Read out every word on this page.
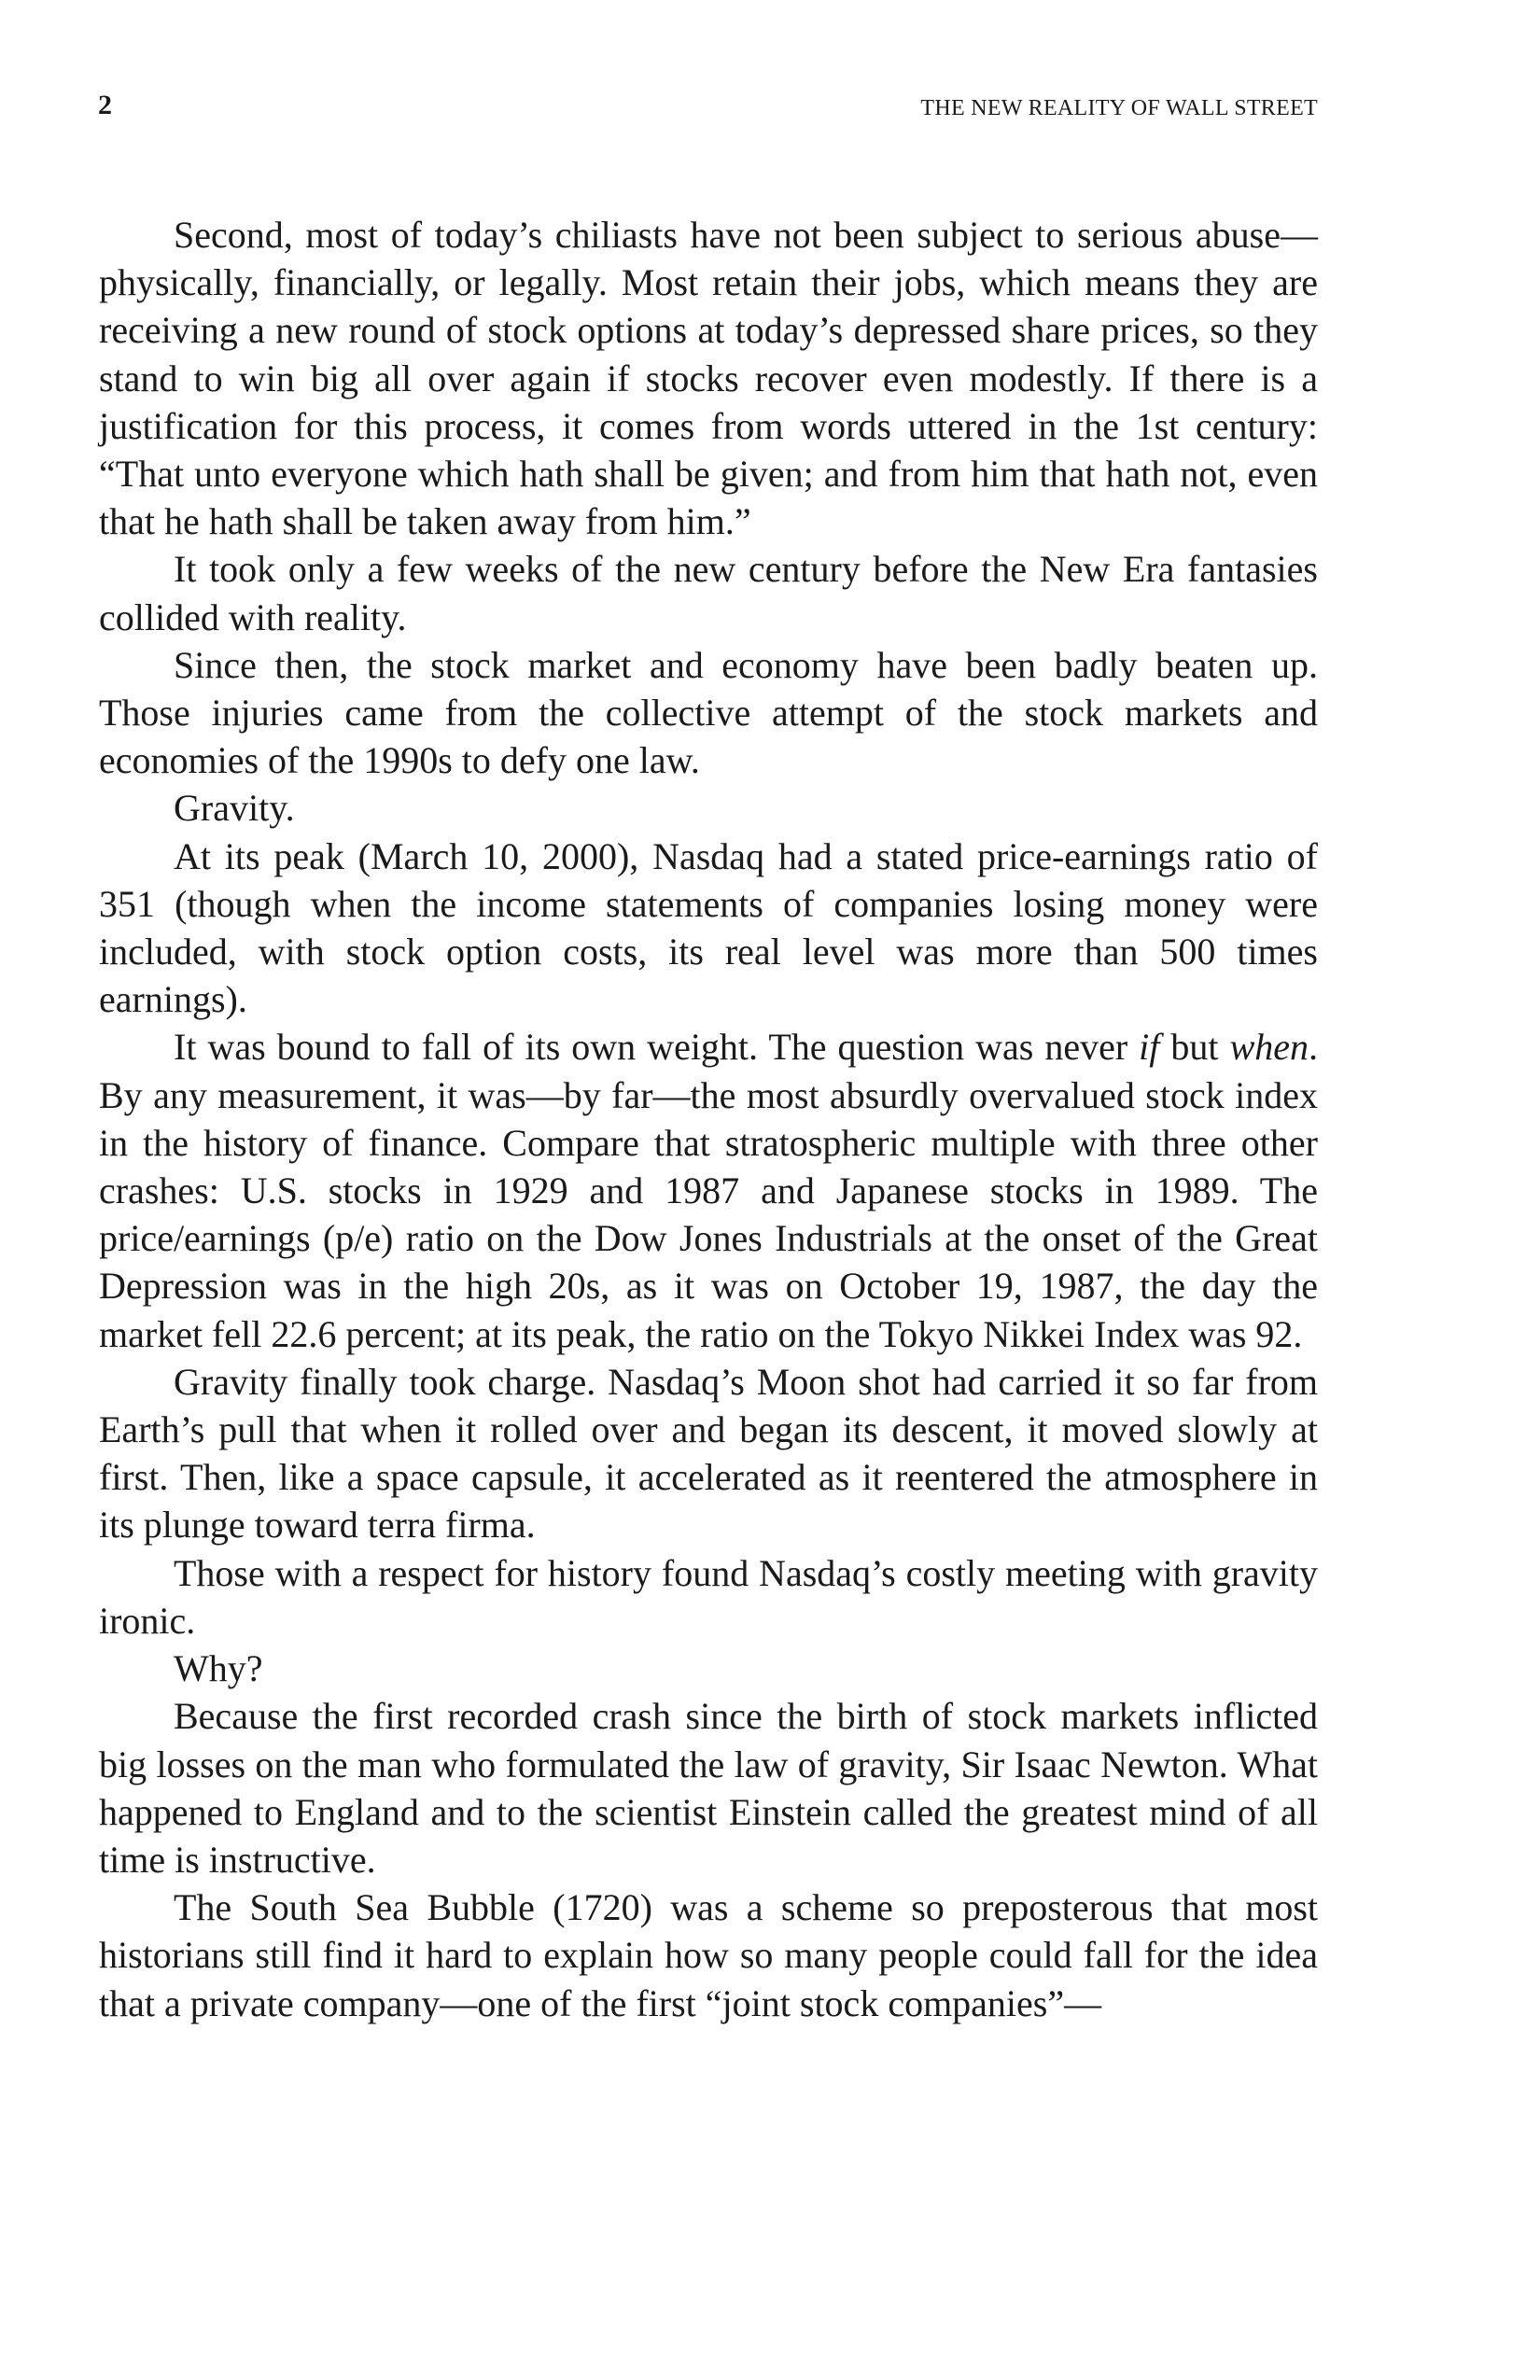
2	THE NEW REALITY OF WALL STREET

Second, most of today’s chiliasts have not been subject to serious abuse—physically, financially, or legally. Most retain their jobs, which means they are receiving a new round of stock options at today’s depressed share prices, so they stand to win big all over again if stocks recover even modestly. If there is a justification for this process, it comes from words uttered in the 1st century: “That unto everyone which hath shall be given; and from him that hath not, even that he hath shall be taken away from him.”

It took only a few weeks of the new century before the New Era fantasies collided with reality.

Since then, the stock market and economy have been badly beaten up. Those injuries came from the collective attempt of the stock markets and economies of the 1990s to defy one law.

Gravity.

At its peak (March 10, 2000), Nasdaq had a stated price-earnings ratio of 351 (though when the income statements of companies losing money were included, with stock option costs, its real level was more than 500 times earnings).

It was bound to fall of its own weight. The question was never if but when. By any measurement, it was—by far—the most absurdly overvalued stock index in the history of finance. Compare that stratospheric multiple with three other crashes: U.S. stocks in 1929 and 1987 and Japanese stocks in 1989. The price/earnings (p/e) ratio on the Dow Jones Industrials at the onset of the Great Depression was in the high 20s, as it was on October 19, 1987, the day the market fell 22.6 percent; at its peak, the ratio on the Tokyo Nikkei Index was 92.

Gravity finally took charge. Nasdaq’s Moon shot had carried it so far from Earth’s pull that when it rolled over and began its descent, it moved slowly at first. Then, like a space capsule, it accelerated as it reentered the atmosphere in its plunge toward terra firma.

Those with a respect for history found Nasdaq’s costly meeting with gravity ironic.

Why?

Because the first recorded crash since the birth of stock markets inflicted big losses on the man who formulated the law of gravity, Sir Isaac Newton. What happened to England and to the scientist Einstein called the greatest mind of all time is instructive.

The South Sea Bubble (1720) was a scheme so preposterous that most historians still find it hard to explain how so many people could fall for the idea that a private company—one of the first “joint stock companies”—
